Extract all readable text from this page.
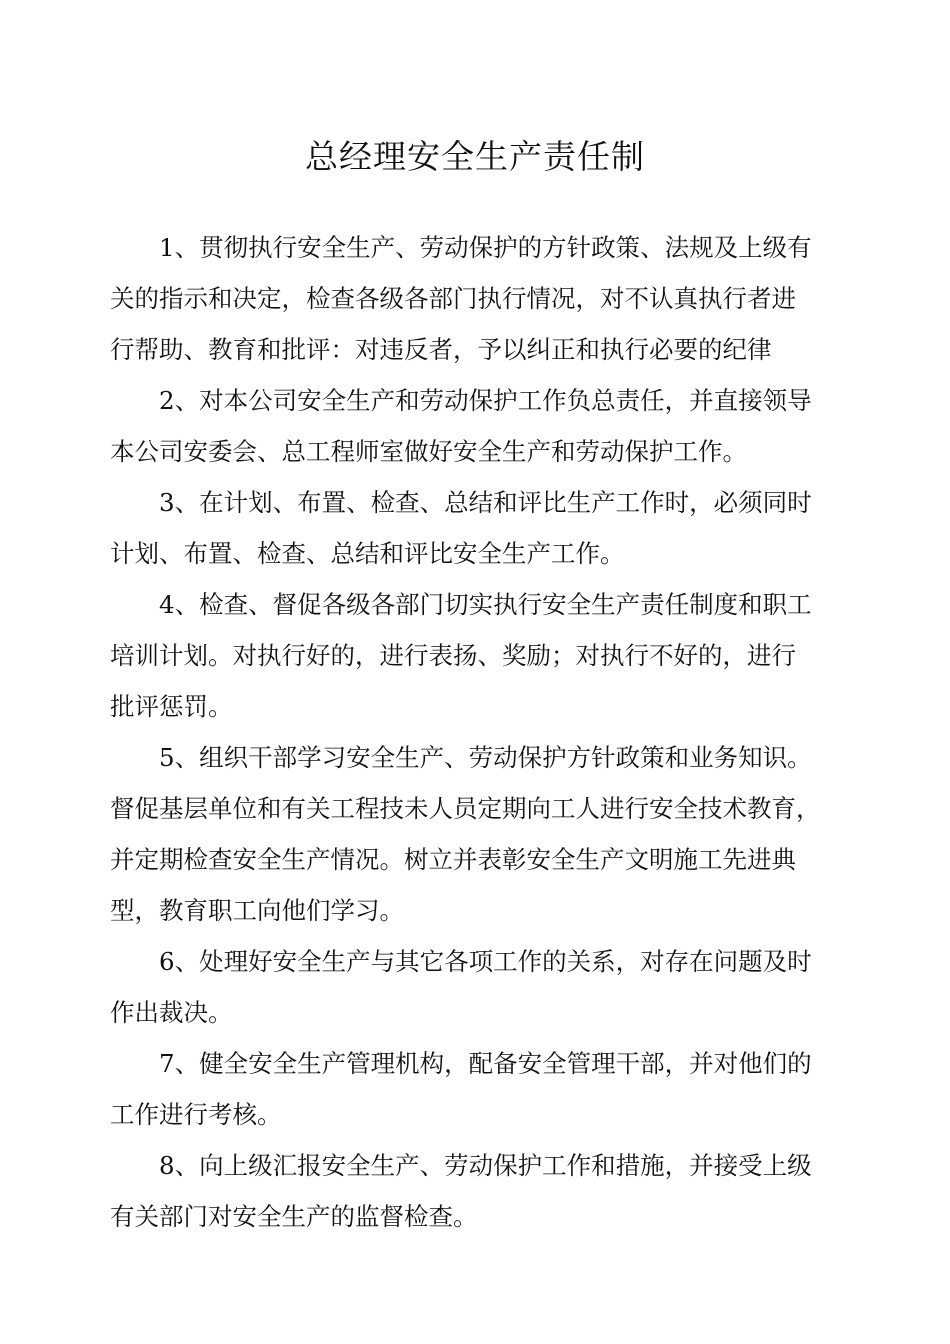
总经理安全生产责任制
1、贯彻执行安全生产、劳动保护的方针政策、法规及上级有
关的指示和决定，检查各级各部门执行情况，对不认真执行者进
行帮助、教育和批评：对违反者，予以纠正和执行必要的纪律
2、对本公司安全生产和劳动保护工作负总责任，并直接领导
本公司安委会、总工程师室做好安全生产和劳动保护工作。
3、在计划、布置、检查、总结和评比生产工作时，必须同时
计划、布置、检查、总结和评比安全生产工作。
4、检查、督促各级各部门切实执行安全生产责任制度和职工
培训计划。对执行好的，进行表扬、奖励；对执行不好的，进行
批评惩罚。
5、组织干部学习安全生产、劳动保护方针政策和业务知识。
督促基层单位和有关工程技未人员定期向工人进行安全技术教育，
并定期检查安全生产情况。树立并表彰安全生产文明施工先进典
型，教育职工向他们学习。
6、处理好安全生产与其它各项工作的关系，对存在问题及时
作出裁决。
7、健全安全生产管理机构，配备安全管理干部，并对他们的
工作进行考核。
8、向上级汇报安全生产、劳动保护工作和措施，并接受上级
有关部门对安全生产的监督检查。
